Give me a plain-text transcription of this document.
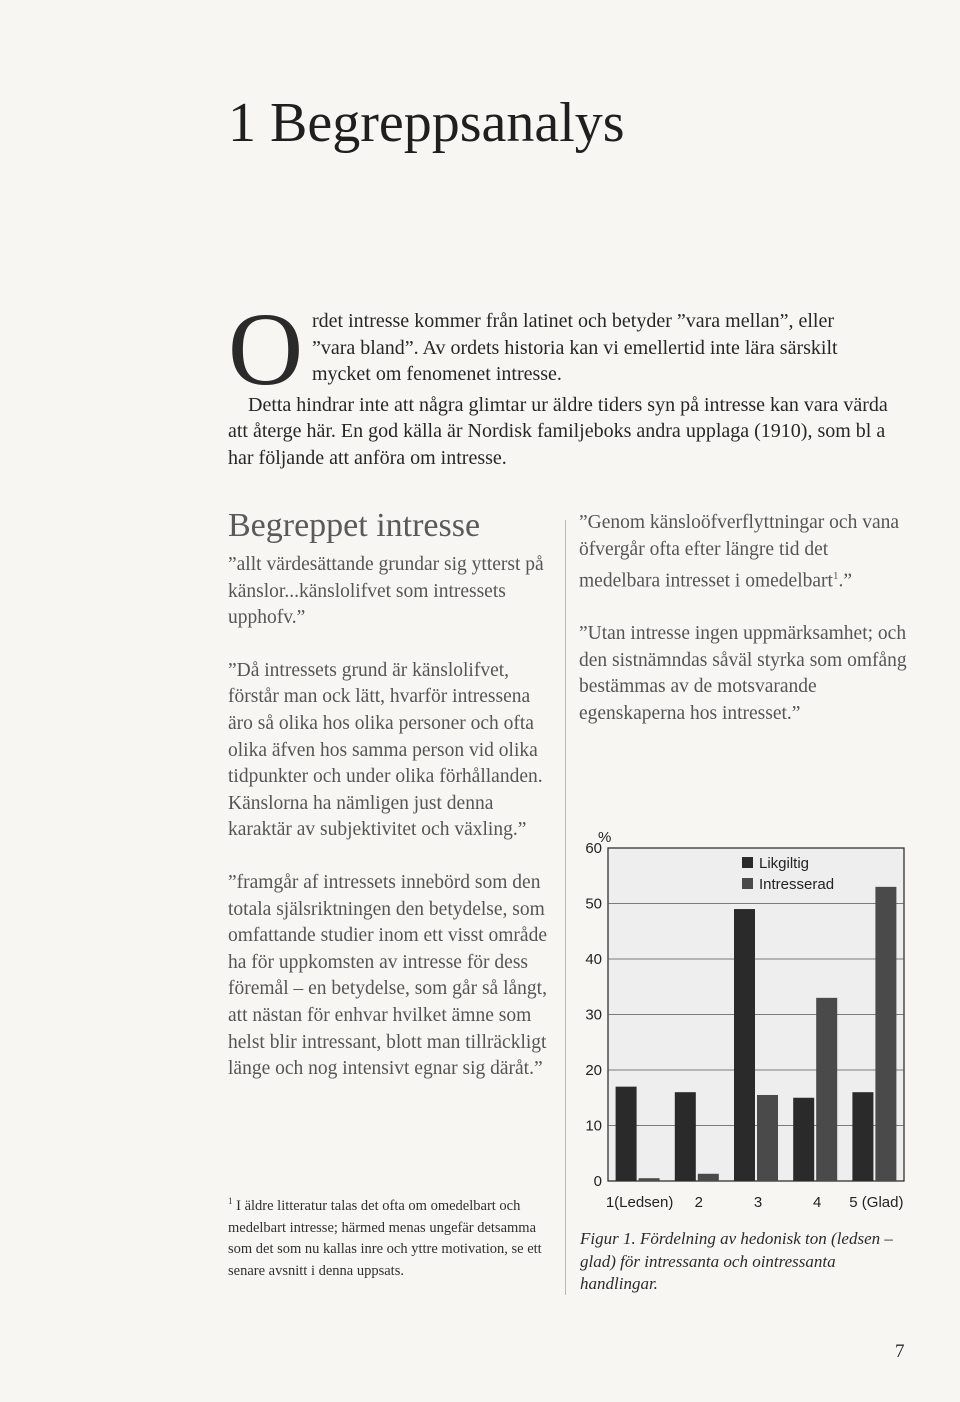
1 Begreppsanalys
O rdet intresse kommer från latinet och betyder ”vara mellan”, eller
”vara bland”. Av ordets historia kan vi emellertid inte lära särskilt
mycket om fenomenet intresse.
Detta hindrar inte att några glimtar ur äldre tiders syn på intresse kan vara värda att återge här. En god källa är Nordisk familjeboks andra upplaga (1910), som bl a har följande att anföra om intresse.
Begreppet intresse

”allt värdesättande grundar sig ytterst på känslor...känslolifvet som intressets upphofv.”

”Då intressets grund är känslolifvet, förstår man ock lätt, hvarför intressena äro så olika hos olika personer och ofta olika äfven hos samma person vid olika tidpunkter och under olika förhållanden. Känslorna ha nämligen just denna karaktär av subjektivitet och växling.”

”framgår af intressets innebörd som den totala själsriktningen den betydelse, som omfattande studier inom ett visst område ha för uppkomsten av intresse för dess föremål – en betydelse, som går så långt, att nästan för enhvar hvilket ämne som helst blir intressant, blott man tillräckligt länge och nog intensivt egnar sig däråt.”

”Genom känsloöfverflyttningar och vana öfvergår ofta efter längre tid det medelbara intresset i omedelbart$^1$.”

”Utan intresse ingen uppmärksamhet; och den sistnämndas såväl styrka som omfång bestämmas av de motsvarande egenskaperna hos intresset.”

$^1$ I äldre litteratur talas det ofta om omedelbart och medelbart intresse; härmed menas ungefär detsamma som det som nu kallas inre och yttre motivation, se ett senare avsnitt i denna uppsats.
0
10
20
30
40
50
60
Likgiltig
Intresserad
1(Ledsen) 2	3	4 5 (Glad)
%
Figur 1. Fördelning av hedonisk ton (ledsen – glad) för intressanta och ointressanta handlingar.
7
